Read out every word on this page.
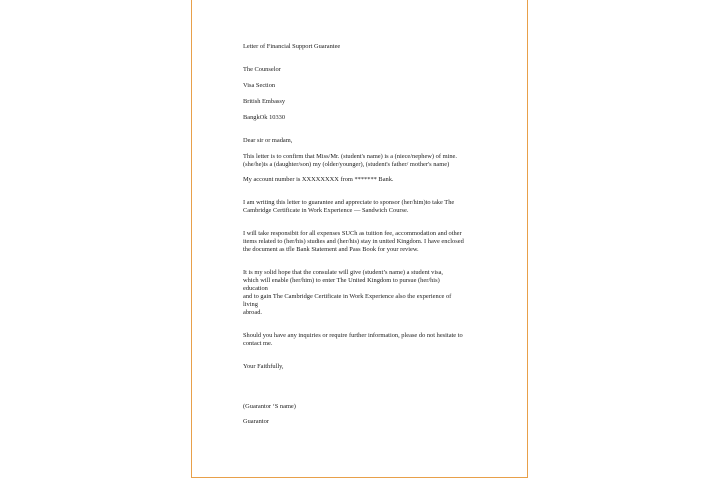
Letter of Financial Support Guarantee
The Counselor
Visa Section
British Embassy
BangkOk 10330
Dear sir or madam,
This letter is to confirm that Miss/Mr. (student's name) is a (niece/nephew) of mine.
(she/he)is a (daughter/son) my (older/younger), (student's father/ mother's name)
My account number is XXXXXXXX from ******* Bank.
I am writing this letter to guarantee and appreciate to sponsor (her/him)to take The
Cambridge Certificate in Work Experience — Sandwich Course.
I will take responsibit for all expenses SUCh as tuition fee, accommodation and other
items related to (her/his) studies and (her/his) stay in united Kingdom. I have enclosed
the document as tfle Bank Statement and Pass Book for your review.
It is my solid hope that the consulate will give (student’s name) a student visa,
which will enable (her/him) to enter The United Kingdom to pursue (her/his)
education
and to gain The Cambridge Certificate in Work Experience also the experience of
living
abroad.
Should you have any inquiries or require further information, please do not hesitate to
contact me.
Your Faithfully,
(Guarantor ‘S name)
Guarantor
